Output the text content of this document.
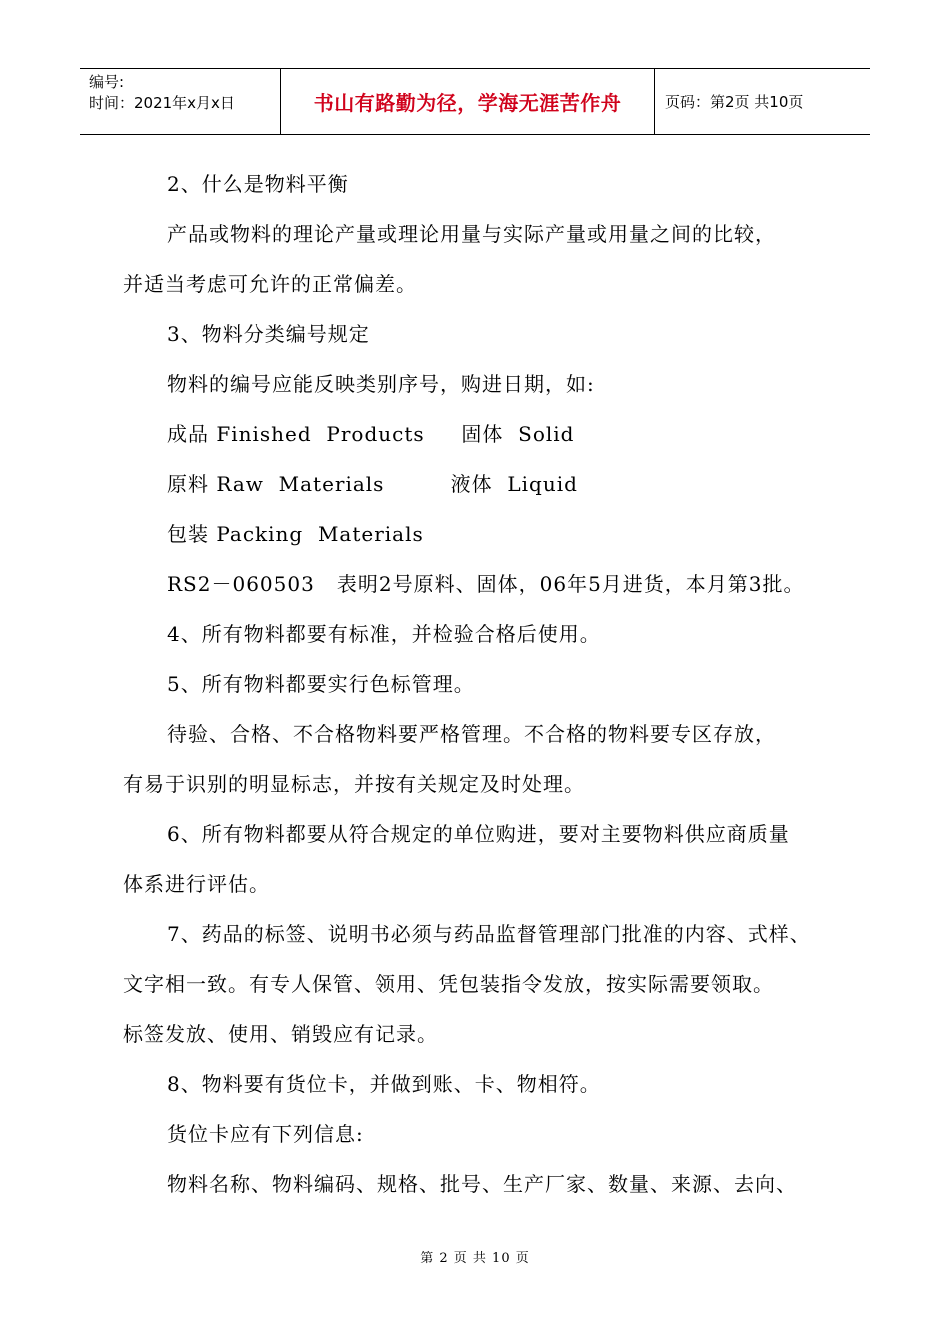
编号:
时间：2021年x月x日	书山有路勤为径，学海无涯苦作舟	页码：第2页 共10页
2、什么是物料平衡
产品或物料的理论产量或理论用量与实际产量或用量之间的比较，
并适当考虑可允许的正常偏差。
3、物料分类编号规定
物料的编号应能反映类别序号，购进日期，如:
成品 Finished  Products     固体  Solid
原料 Raw  Materials         液体  Liquid
包装 Packing  Materials
RS2－060503   表明2号原料、固体，06年5月进货，本月第3批。
4、所有物料都要有标准，并检验合格后使用。
5、所有物料都要实行色标管理。
待验、合格、不合格物料要严格管理。不合格的物料要专区存放，
有易于识别的明显标志，并按有关规定及时处理。
6、所有物料都要从符合规定的单位购进，要对主要物料供应商质量
体系进行评估。
7、药品的标签、说明书必须与药品监督管理部门批准的内容、式样、
文字相一致。有专人保管、领用、凭包装指令发放，按实际需要领取。
标签发放、使用、销毁应有记录。
8、物料要有货位卡，并做到账、卡、物相符。
货位卡应有下列信息:
物料名称、物料编码、规格、批号、生产厂家、数量、来源、去向、
第 2 页 共 10 页
